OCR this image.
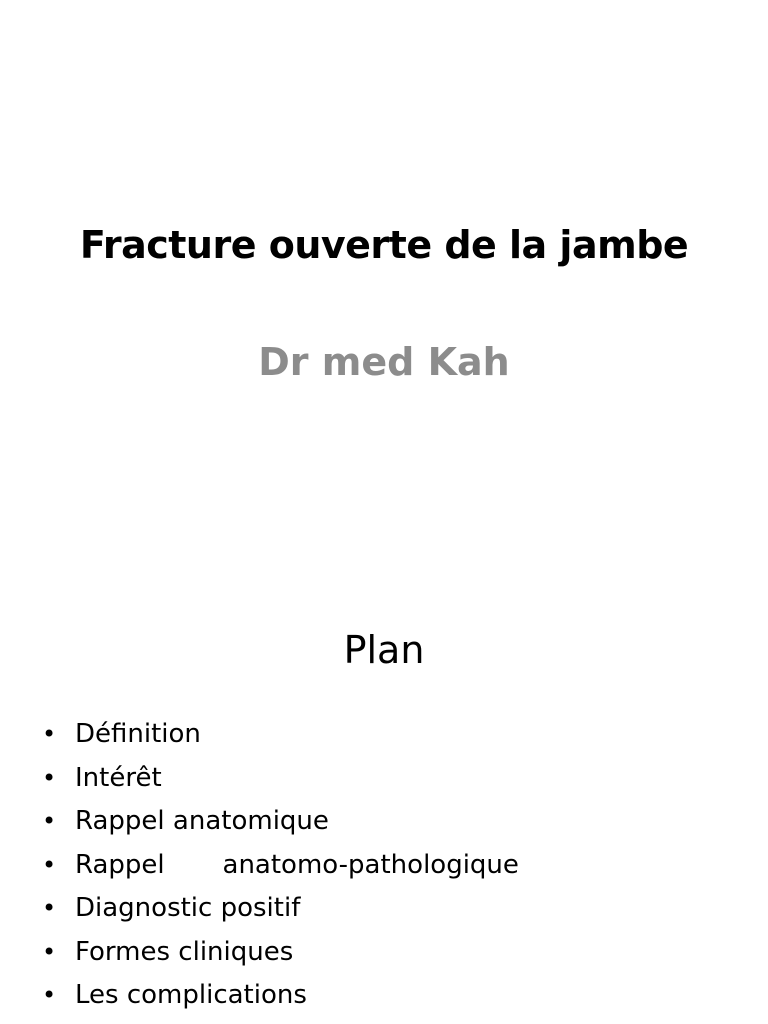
Fracture ouverte de la jambe
Dr med Kah
Plan
• Définition
• Intérêt
• Rappel anatomique
• Rappel       anatomo-pathologique
• Diagnostic positif
• Formes cliniques
• Les complications
